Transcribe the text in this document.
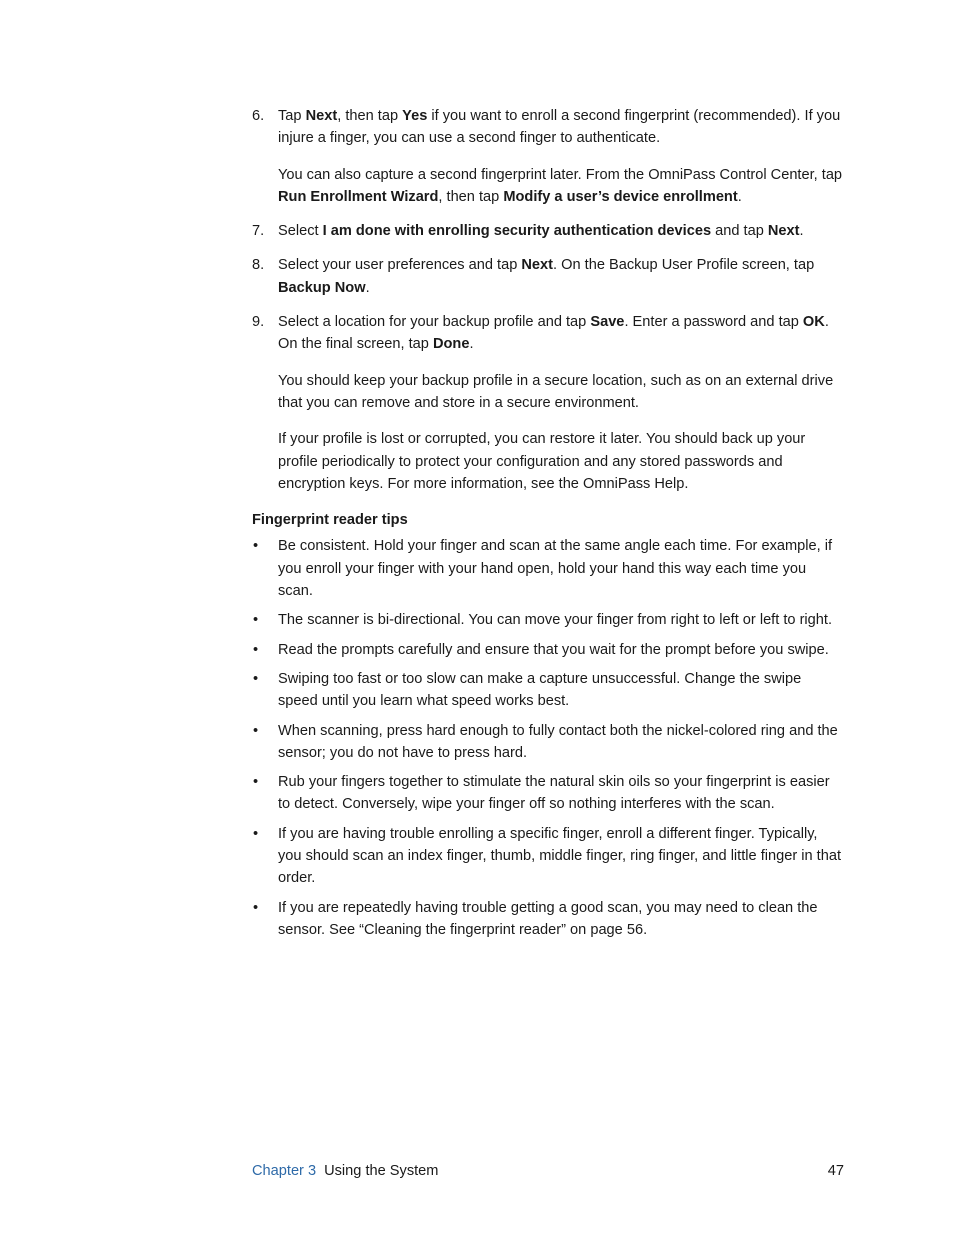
6. Tap Next, then tap Yes if you want to enroll a second fingerprint (recommended). If you injure a finger, you can use a second finger to authenticate.

You can also capture a second fingerprint later. From the OmniPass Control Center, tap Run Enrollment Wizard, then tap Modify a user’s device enrollment.

7. Select I am done with enrolling security authentication devices and tap Next.

8. Select your user preferences and tap Next. On the Backup User Profile screen, tap Backup Now.

9. Select a location for your backup profile and tap Save. Enter a password and tap OK. On the final screen, tap Done.

You should keep your backup profile in a secure location, such as on an external drive that you can remove and store in a secure environment.

If your profile is lost or corrupted, you can restore it later. You should back up your profile periodically to protect your configuration and any stored passwords and encryption keys. For more information, see the OmniPass Help.

Fingerprint reader tips
• Be consistent. Hold your finger and scan at the same angle each time. For example, if you enroll your finger with your hand open, hold your hand this way each time you scan.

• The scanner is bi-directional. You can move your finger from right to left or left to right.

• Read the prompts carefully and ensure that you wait for the prompt before you swipe.

• Swiping too fast or too slow can make a capture unsuccessful. Change the swipe speed until you learn what speed works best.

• When scanning, press hard enough to fully contact both the nickel-colored ring and the sensor; you do not have to press hard.

• Rub your fingers together to stimulate the natural skin oils so your fingerprint is easier to detect. Conversely, wipe your finger off so nothing interferes with the scan.

• If you are having trouble enrolling a specific finger, enroll a different finger. Typically, you should scan an index finger, thumb, middle finger, ring finger, and little finger in that order.

• If you are repeatedly having trouble getting a good scan, you may need to clean the sensor. See “Cleaning the fingerprint reader” on page 56.

Chapter 3 Using the System	47
